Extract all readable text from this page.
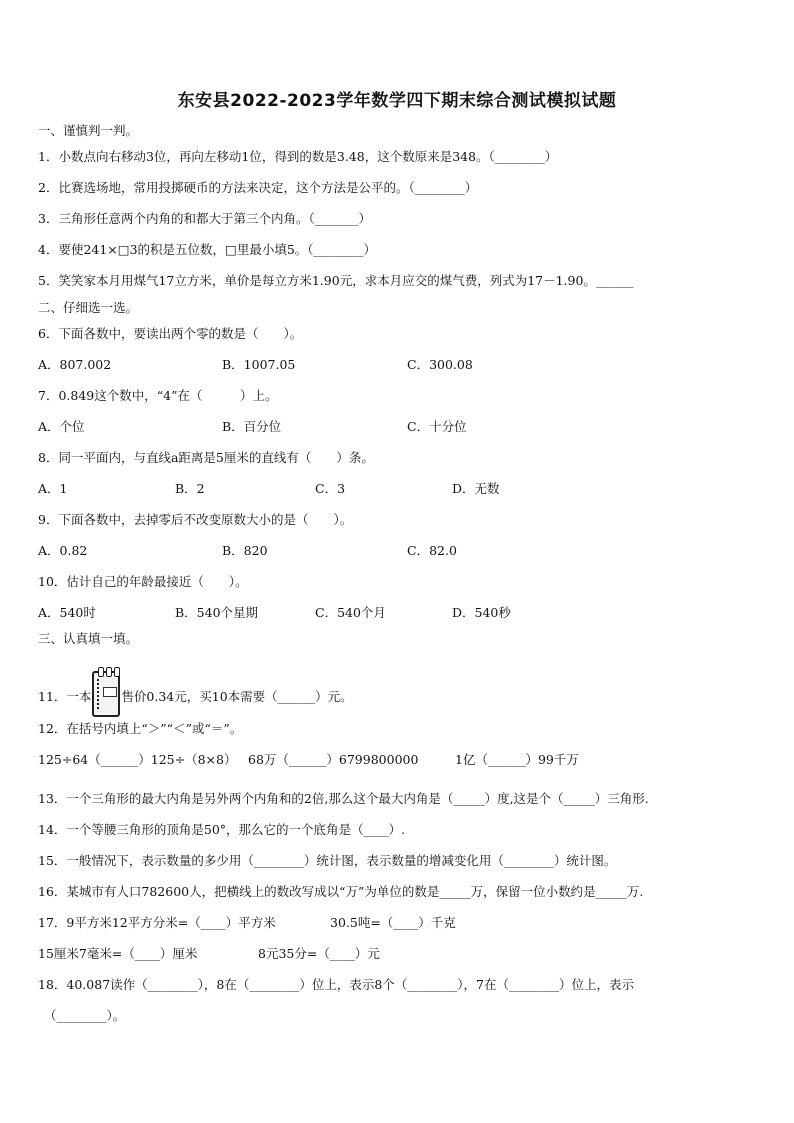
东安县2022-2023学年数学四下期末综合测试模拟试题
一、谨慎判一判。
1．小数点向右移动3位，再向左移动1位，得到的数是3.48，这个数原来是348。（________）
2．比赛选场地，常用投掷硬币的方法来决定，这个方法是公平的。（________）
3．三角形任意两个内角的和都大于第三个内角。（_______）
4．要使241×□3的积是五位数，□里最小填5。（________）
5．笑笑家本月用煤气17立方米，单价是每立方米1.90元，求本月应交的煤气费，列式为17－1.90。______
二、仔细选一选。
6．下面各数中，要读出两个零的数是（　　）。
A．807.002	B．1007.05	C．300.08
7．0.849这个数中，“4”在（　　　）上。
A．个位	B．百分位	C．十分位
8．同一平面内，与直线a距离是5厘米的直线有（　　）条。
A．1	B．2	C．3	D．无数
9．下面各数中，去掉零后不改变原数大小的是（　　）。
A．0.82	B．820	C．82.0
10．估计自己的年龄最接近（　　）。
A．540时	B．540个星期	C．540个月	D．540秒
三、认真填一填。
11．一本 售价0.34元，买10本需要（______）元。
12．在括号内填上“＞”“＜”或“＝”。
125÷64（______）125÷（8×8） 68万（______）6799800000	1亿（______）99千万
13．一个三角形的最大内角是另外两个内角和的2倍,那么这个最大内角是（_____）度,这是个（_____）三角形.
14．一个等腰三角形的顶角是50°，那么它的一个底角是（____）.
15．一般情况下，表示数量的多少用（________）统计图，表示数量的增减变化用（________）统计图。
16．某城市有人口782600人，把横线上的数改写成以“万”为单位的数是_____万，保留一位小数约是_____万.
17．9平方米12平方分米=（____）平方米	30.5吨=（____）千克
15厘米7毫米=（____）厘米	8元35分=（____）元
18．40.087读作（________），8在（________）位上，表示8个（________），7在（________）位上，表示
（________）。
